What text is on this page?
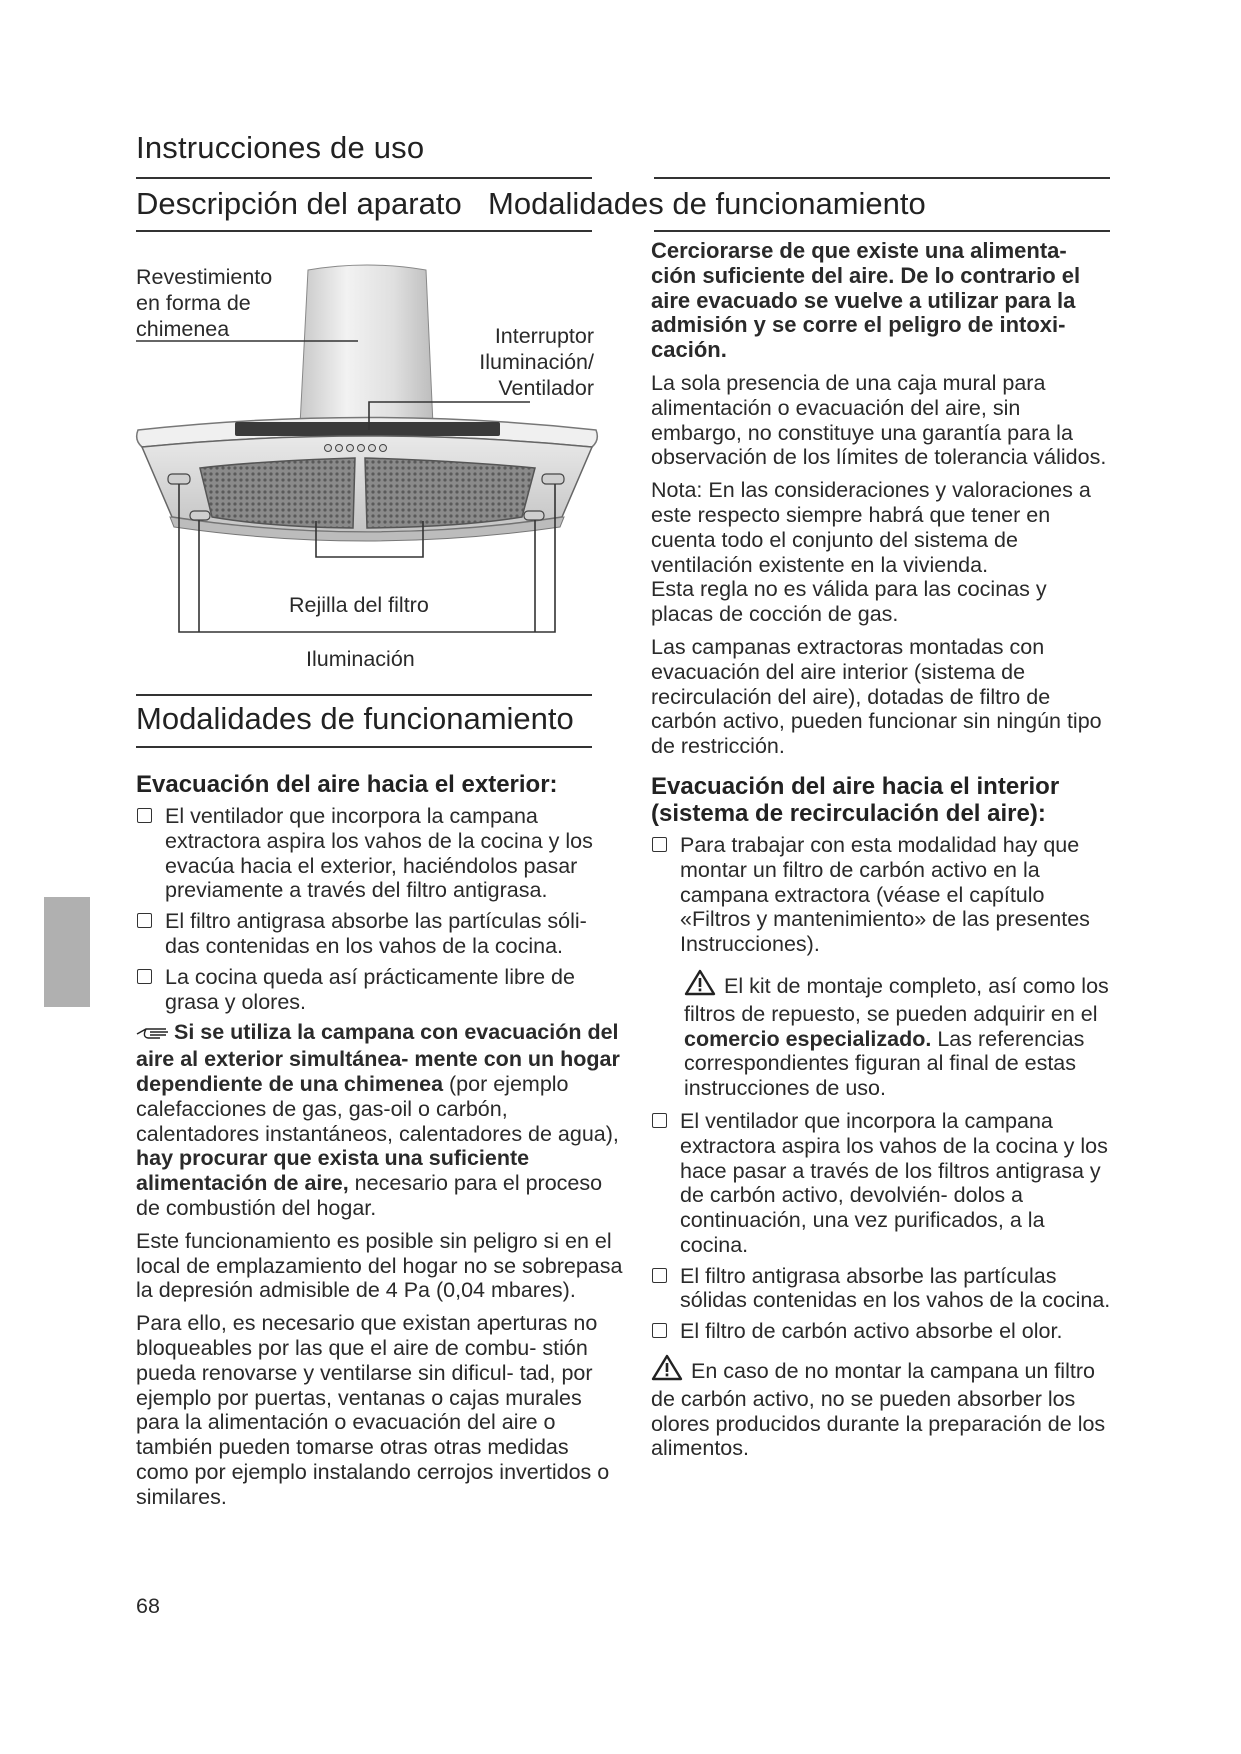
Instrucciones de uso
Descripción del aparato Modalidades de funcionamiento
Revestimiento
en forma de
chimenea	Interruptor
Iluminación/
Ventilador
Rejilla del filtro
Iluminación
Modalidades de funcionamiento
Evacuación del aire hacia el exterior:
El ventilador que incorpora la campana extractora aspira los vahos de la cocina y los evacúa hacia el exterior, haciéndolos pasar previamente a través del filtro antigrasa.
El filtro antigrasa absorbe las partículas sóli- das contenidas en los vahos de la cocina.
La cocina queda así prácticamente libre de grasa y olores.

Si se utiliza la campana con evacuación del aire al exterior simultánea- mente con un hogar dependiente de una chimenea (por ejemplo calefacciones de gas, gas-oil o carbón, calentadores instantáneos, calentadores de agua), hay procurar que exista una suficiente alimentación de aire, necesario para el proceso de combustión del hogar.

Este funcionamiento es posible sin peligro si en el local de emplazamiento del hogar no se sobrepasa la depresión admisible de 4 Pa (0,04 mbares).

Para ello, es necesario que existan aperturas no bloqueables por las que el aire de combu- stión pueda renovarse y ventilarse sin dificul- tad, por ejemplo por puertas, ventanas o cajas murales para la alimentación o evacuación del aire o también pueden tomarse otras otras medidas como por ejemplo instalando cerrojos invertidos o similares.

Cerciorarse de que existe una alimenta- ción suficiente del aire. De lo contrario el aire evacuado se vuelve a utilizar para la admisión y se corre el peligro de intoxi- cación.

La sola presencia de una caja mural para alimentación o evacuación del aire, sin embargo, no constituye una garantía para la observación de los límites de tolerancia válidos.

Nota: En las consideraciones y valoraciones a este respecto siempre habrá que tener en cuenta todo el conjunto del sistema de ventilación existente en la vivienda.

Esta regla no es válida para las cocinas y placas de cocción de gas.

Las campanas extractoras montadas con evacuación del aire interior (sistema de recirculación del aire), dotadas de filtro de carbón activo, pueden funcionar sin ningún tipo de restricción.

Evacuación del aire hacia el interior (sistema de recirculación del aire):
Para trabajar con esta modalidad hay que montar un filtro de carbón activo en la campana extractora (véase el capítulo «Filtros y mantenimiento» de las presentes Instrucciones).
El kit de montaje completo, así como los filtros de repuesto, se pueden adquirir en el comercio especializado. Las referencias correspondientes figuran al final de estas instrucciones de uso.
El ventilador que incorpora la campana extractora aspira los vahos de la cocina y los hace pasar a través de los filtros antigrasa y de carbón activo, devolvién- dolos a continuación, una vez purificados, a la cocina.
El filtro antigrasa absorbe las partículas sólidas contenidas en los vahos de la cocina.
El filtro de carbón activo absorbe el olor.
En caso de no montar la campana un filtro de carbón activo, no se pueden absorber los olores producidos durante la preparación de los alimentos.
68
